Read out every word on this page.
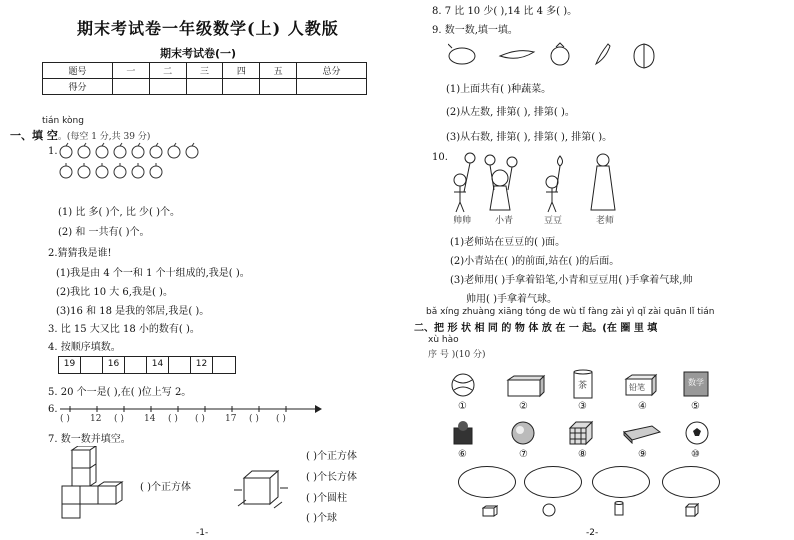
期末考试卷一年级数学(上) 人教版
期末考试卷(一)
题号	一	二	三	四	五	总分
得分						
tián kòng
一、填 空。(每空 1 分,共 39 分)
1.
(1) 比 多( )个, 比 少( )个。
(2) 和 一共有( )个。
2.猜猜我是谁!
(1)我是由 4 个一和 1 个十组成的,我是( )。
(2)我比 10 大 6,我是( )。
(3)16 和 18 是我的邻居,我是( )。
3. 比 15 大又比 18 小的数有( )。
4. 按顺序填数。
19	16	14	12
5. 20 个一是( ),在( )位上写 2。
6.
( ) 12 ( ) 14 ( ) ( ) 17 ( ) ( )
7. 数一数并填空。
( )个正方体
( )个正方体
( )个长方体
( )个圆柱
( )个球
-1-
8. 7 比 10 少( ),14 比 4 多( )。
9. 数一数,填一填。
(1)上面共有( )种蔬菜。
(2)从左数, 排第( ), 排第( )。
(3)从右数, 排第( ), 排第( ), 排第( )。
10.
帅帅	小青	豆豆	老师
(1)老师站在豆豆的( )面。
(2)小青站在( )的前面,站在( )的后面。
(3)老师用( )手拿着铅笔,小青和豆豆用( )手拿着气球,帅
帅用( )手拿着气球。
bǎ xíng zhuàng xiāng tóng de wù tǐ fàng zài yì qǐ zài quān lǐ tián
二、把 形 状 相 同 的 物 体 放 在 一 起。(在 圈 里 填
xù hào
序 号 )(10 分)
茶	铅笔
数学
①	②	③	④	⑤
⑥	⑦	⑧	⑨	⑩
-2-
